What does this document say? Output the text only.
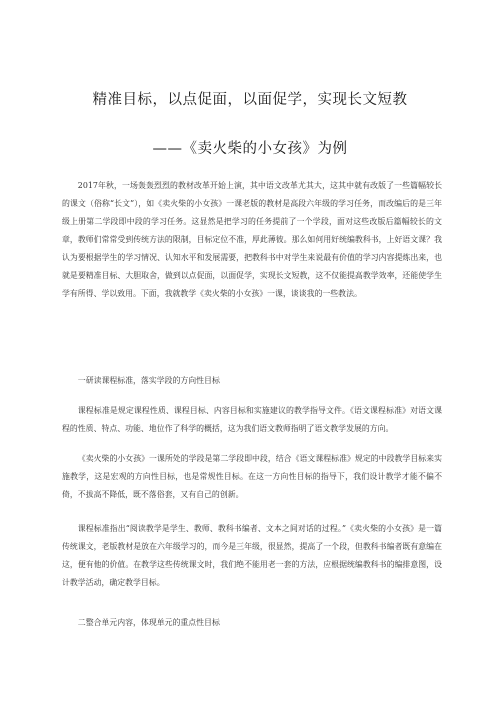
精准目标，以点促面，以面促学，实现长文短教
——《卖火柴的小女孩》为例

2017年秋，一场轰轰烈烈的教材改革开始上演，其中语文改革尤其大，这其中就有改版了一些篇幅较长的课文（俗称“长文”），如《卖火柴的小女孩》一课老版的教材是高段六年级的学习任务，而改编后的是三年级上册第二学段即中段的学习任务。这显然是把学习的任务提前了一个学段，面对这些改版后篇幅较长的文章，教师们常常受到传统方法的限制，目标定位不准，厚此薄彼。那么如何用好统编教科书，上好语文课？我认为要根据学生的学习情况、认知水平和发展需要，把教科书中对学生来说最有价值的学习内容提炼出来，也就是要精准目标、大胆取舍，做到以点促面，以面促学，实现长文短教，这不仅能提高教学效率，还能使学生学有所得、学以致用。下面，我就教学《卖火柴的小女孩》一课，谈谈我的一些教法。

一研读课程标准，落实学段的方向性目标

课程标准是规定课程性质、课程目标、内容目标和实施建议的教学指导文件。《语文课程标准》对语文课程的性质、特点、功能、地位作了科学的概括，这为我们语文教师指明了语文教学发展的方向。

《卖火柴的小女孩》一课所处的学段是第二学段即中段，结合《语文课程标准》规定的中段教学目标来实施教学，这是宏观的方向性目标，也是常规性目标。在这一方向性目标的指导下，我们设计教学才能不偏不倚，不拔高不降低，既不落俗套，又有自己的创新。

课程标准指出“阅读教学是学生、教师、教科书编者、文本之间对话的过程。”《卖火柴的小女孩》是一篇传统课文，老版教材是放在六年级学习的，而今是三年级，很显然，提高了一个段，但教科书编者既有意编在这，便有他的价值。在教学这些传统课文时，我们绝不能用老一套的方法，应根据统编教科书的编排意图，设计教学活动，确定教学目标。

二整合单元内容，体现单元的重点性目标
